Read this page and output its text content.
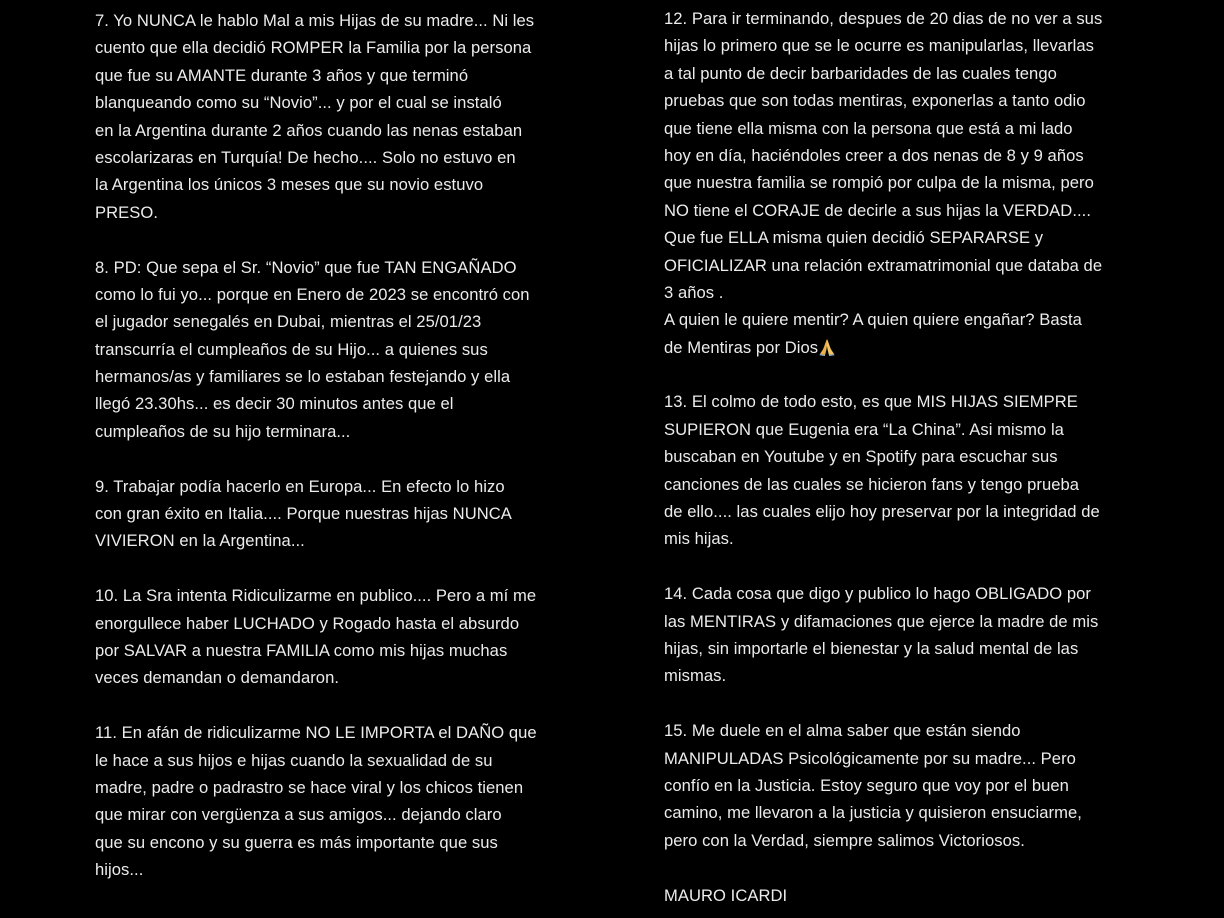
7. Yo NUNCA le hablo Mal a mis Hijas de su madre... Ni les
cuento que ella decidió ROMPER la Familia por la persona
que fue su AMANTE durante 3 años y que terminó
blanqueando como su “Novio”... y por el cual se instaló
en la Argentina durante 2 años cuando las nenas estaban
escolarizaras en Turquía! De hecho.... Solo no estuvo en
la Argentina los únicos 3 meses que su novio estuvo
PRESO.
8. PD: Que sepa el Sr. “Novio” que fue TAN ENGAÑADO
como lo fui yo... porque en Enero de 2023 se encontró con
el jugador senegalés en Dubai, mientras el 25/01/23
transcurría el cumpleaños de su Hijo... a quienes sus
hermanos/as y familiares se lo estaban festejando y ella
llegó 23.30hs... es decir 30 minutos antes que el
cumpleaños de su hijo terminara...
9. Trabajar podía hacerlo en Europa... En efecto lo hizo
con gran éxito en Italia.... Porque nuestras hijas NUNCA
VIVIERON en la Argentina...
10. La Sra intenta Ridiculizarme en publico.... Pero a mí me
enorgullece haber LUCHADO y Rogado hasta el absurdo
por SALVAR a nuestra FAMILIA como mis hijas muchas
veces demandan o demandaron.
11. En afán de ridiculizarme NO LE IMPORTA el DAÑO que
le hace a sus hijos e hijas cuando la sexualidad de su
madre, padre o padrastro se hace viral y los chicos tienen
que mirar con vergüenza a sus amigos... dejando claro
que su encono y su guerra es más importante que sus
hijos...
12. Para ir terminando, despues de 20 dias de no ver a sus
hijas lo primero que se le ocurre es manipularlas, llevarlas
a tal punto de decir barbaridades de las cuales tengo
pruebas que son todas mentiras, exponerlas a tanto odio
que tiene ella misma con la persona que está a mi lado
hoy en día, haciéndoles creer a dos nenas de 8 y 9 años
que nuestra familia se rompió por culpa de la misma, pero
NO tiene el CORAJE de decirle a sus hijas la VERDAD....
Que fue ELLA misma quien decidió SEPARARSE y
OFICIALIZAR una relación extramatrimonial que databa de
3 años .
A quien le quiere mentir? A quien quiere engañar? Basta
de Mentiras por Dios
13. El colmo de todo esto, es que MIS HIJAS SIEMPRE
SUPIERON que Eugenia era “La China”. Asi mismo la
buscaban en Youtube y en Spotify para escuchar sus
canciones de las cuales se hicieron fans y tengo prueba
de ello.... las cuales elijo hoy preservar por la integridad de
mis hijas.
14. Cada cosa que digo y publico lo hago OBLIGADO por
las MENTIRAS y difamaciones que ejerce la madre de mis
hijas, sin importarle el bienestar y la salud mental de las
mismas.
15. Me duele en el alma saber que están siendo
MANIPULADAS Psicológicamente por su madre... Pero
confío en la Justicia. Estoy seguro que voy por el buen
camino, me llevaron a la justicia y quisieron ensuciarme,
pero con la Verdad, siempre salimos Victoriosos.
MAURO ICARDI
